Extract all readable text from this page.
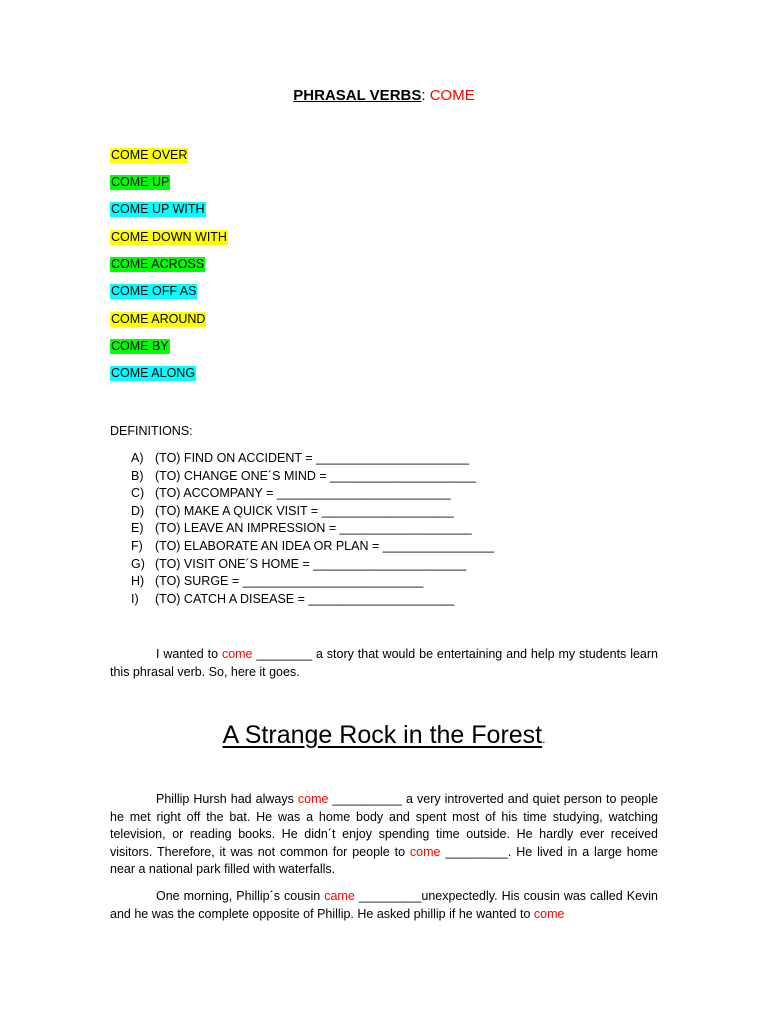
PHRASAL VERBS: COME
COME OVER
COME UP
COME UP WITH
COME DOWN WITH
COME ACROSS
COME OFF AS
COME AROUND
COME BY
COME ALONG
DEFINITIONS:
A) (TO) FIND ON ACCIDENT = ______________________
B) (TO) CHANGE ONE´S MIND = _____________________
C) (TO) ACCOMPANY = _________________________
D) (TO) MAKE A QUICK VISIT = ___________________
E) (TO) LEAVE AN IMPRESSION = ___________________
F) (TO) ELABORATE AN IDEA OR PLAN = ________________
G) (TO) VISIT ONE´S HOME = ______________________
H) (TO) SURGE = __________________________
I) (TO) CATCH A DISEASE = _____________________
I wanted to come ________ a story that would be entertaining and help my students learn this phrasal verb. So, here it goes.
A Strange Rock in the Forest.
Phillip Hursh had always come __________ a very introverted and quiet person to people he met right off the bat. He was a home body and spent most of his time studying, watching television, or reading books. He didn´t enjoy spending time outside. He hardly ever received visitors. Therefore, it was not common for people to come _________. He lived in a large home near a national park filled with waterfalls.
One morning, Phillip´s cousin came _________unexpectedly. His cousin was called Kevin and he was the complete opposite of Phillip. He asked phillip if he wanted to come
